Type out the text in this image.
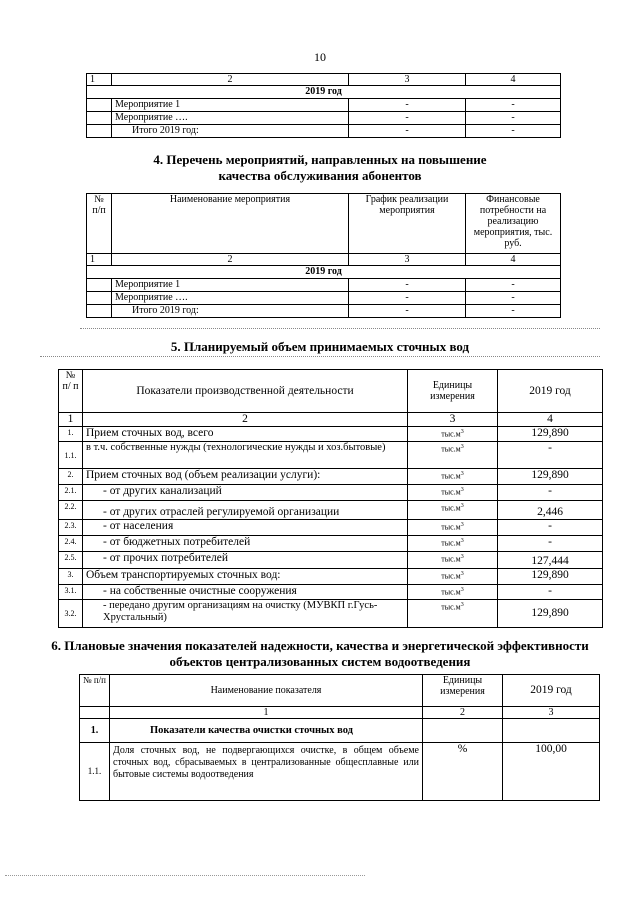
10
1	2	3	4
2019 год			
	Мероприятие 1	-	-
	Мероприятие ….	-	-
	Итого 2019 год:	-	-
4. Перечень мероприятий, направленных на повышение качества обслуживания абонентов
№ п/п	Наименование мероприятия	График реализации мероприятия	Финансовые потребности на реализацию мероприятия, тыс. руб.
1	2	3	4
2019 год			
	Мероприятие 1	-	-
	Мероприятие ….	-	-
	Итого 2019 год:	-	-
5. Планируемый объем принимаемых сточных вод
№ п/ п	Показатели производственной деятельности	Единицы измерения	2019 год
1	2	3	4
1.	Прием сточных вод, всего	$тыс.м^3$	129,890
1.1.	в т.ч. собственные нужды (технологические нужды и хоз.бытовые)	$тыс.м^3$	-
2.	Прием сточных вод (объем реализации услуги):	$тыс.м^3$	129,890
2.1.	- от других канализаций	$тыс.м^3$	-
2.2.	- от других отраслей регулируемой организации	$тыс.м^3$	2,446
2.3.	- от населения	$тыс.м^3$	-
2.4.	- от бюджетных потребителей	$тыс.м^3$	-
2.5.	- от прочих потребителей	$тыс.м^3$	127,444
3.	Объем транспортируемых сточных вод:	$тыс.м^3$	129,890
3.1.	- на собственные очистные сооружения	$тыс.м^3$	-
3.2.	- передано другим организациям на очистку (МУВКП г.Гусь-Хрустальный)	$тыс.м^3$	129,890
6. Плановые значения показателей надежности, качества и энергетической эффективности объектов централизованных систем водоотведения
№ п/п	Наименование показателя	Единицы измерения	2019 год
	1	2	3
1.	Показатели качества очистки сточных вод		
1.1.	Доля сточных вод, не подвергающихся очистке, в общем объеме сточных вод, сбрасываемых в централизованные общесплавные или бытовые системы водоотведения	%	100,00
